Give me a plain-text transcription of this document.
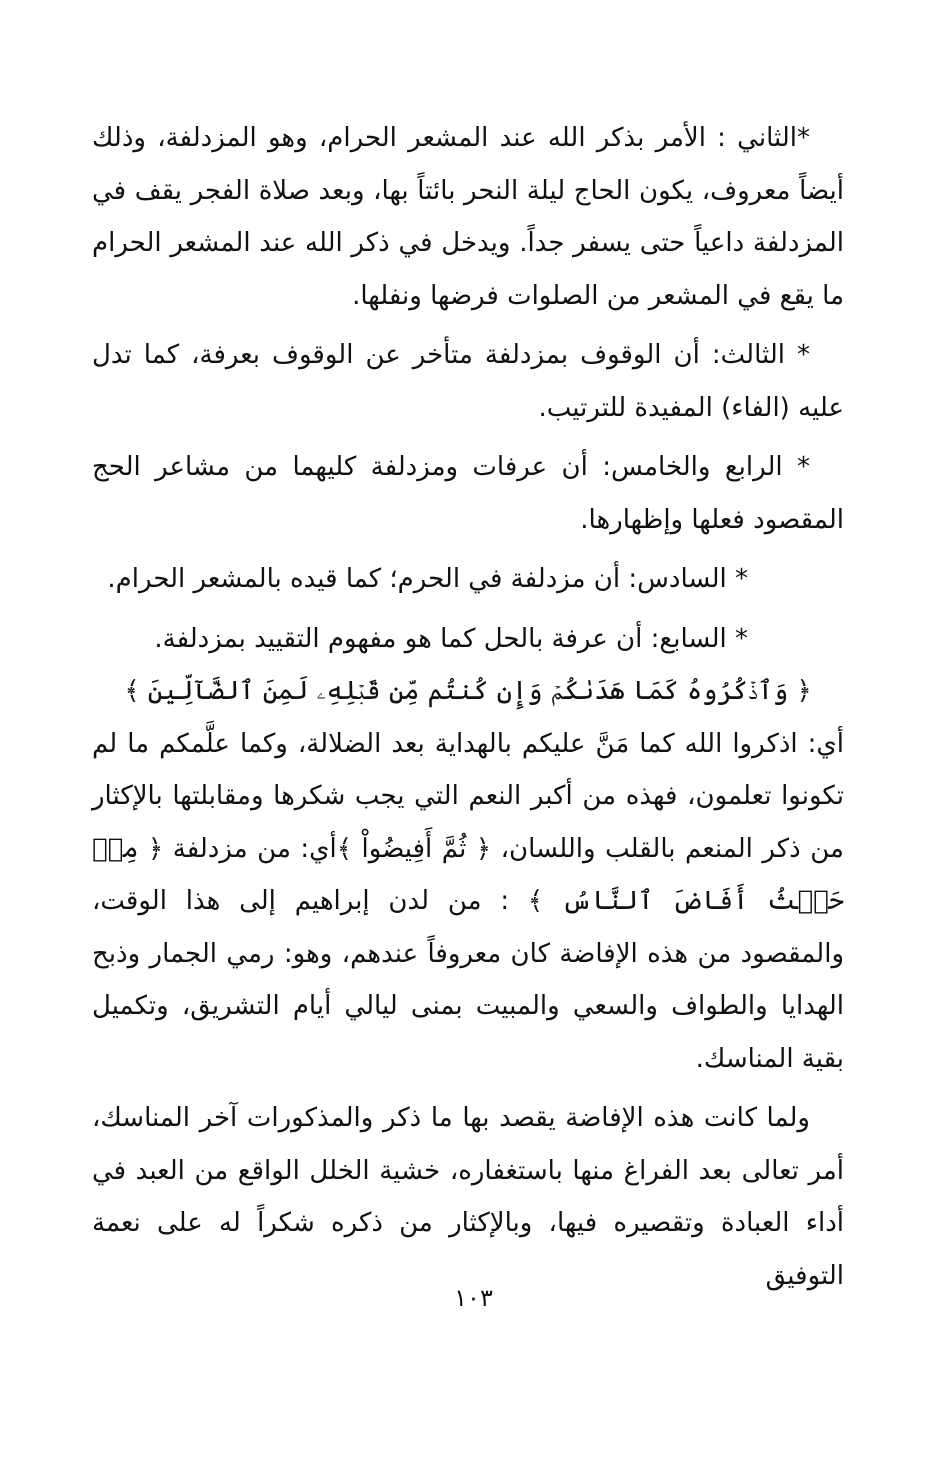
*الثاني : الأمر بذكر الله عند المشعر الحرام، وهو المزدلفة، وذلك أيضاً معروف، يكون الحاج ليلة النحر بائتاً بها، وبعد صلاة الفجر يقف في المزدلفة داعياً حتى يسفر جداً. ويدخل في ذكر الله عند المشعر الحرام ما يقع في المشعر من الصلوات فرضها ونفلها.

* الثالث: أن الوقوف بمزدلفة متأخر عن الوقوف بعرفة، كما تدل عليه (الفاء) المفيدة للترتيب.

* الرابع والخامس: أن عرفات ومزدلفة كليهما من مشاعر الحج المقصود فعلها وإظهارها.

* السادس: أن مزدلفة في الحرم؛ كما قيده بالمشعر الحرام.

* السابع: أن عرفة بالحل كما هو مفهوم التقييد بمزدلفة.

﴿ وَٱذۡكُرُوهُ كَمَا هَدَىٰكُمۡ وَإِن كُنتُم مِّن قَبۡلِهِۦ لَمِنَ ٱلضَّآلِّينَ ﴾

أي: اذكروا الله كما مَنَّ عليكم بالهداية بعد الضلالة، وكما علَّمكم ما لم تكونوا تعلمون، فهذه من أكبر النعم التي يجب شكرها ومقابلتها بالإكثار من ذكر المنعم بالقلب واللسان، ﴿ ثُمَّ أَفِيضُواْ ﴾أي: من مزدلفة ﴿ مِنۡ حَيۡثُ أَفَاضَ ٱلنَّاسُ ﴾ : من لدن إبراهيم إلى هذا الوقت، والمقصود من هذه الإفاضة كان معروفاً عندهم، وهو: رمي الجمار وذبح الهدايا والطواف والسعي والمبيت بمنى ليالي أيام التشريق، وتكميل بقية المناسك.

ولما كانت هذه الإفاضة يقصد بها ما ذكر والمذكورات آخر المناسك، أمر تعالى بعد الفراغ منها باستغفاره، خشية الخلل الواقع من العبد في أداء العبادة وتقصيره فيها، وبالإكثار من ذكره شكراً له على نعمة التوفيق

١٠٣
